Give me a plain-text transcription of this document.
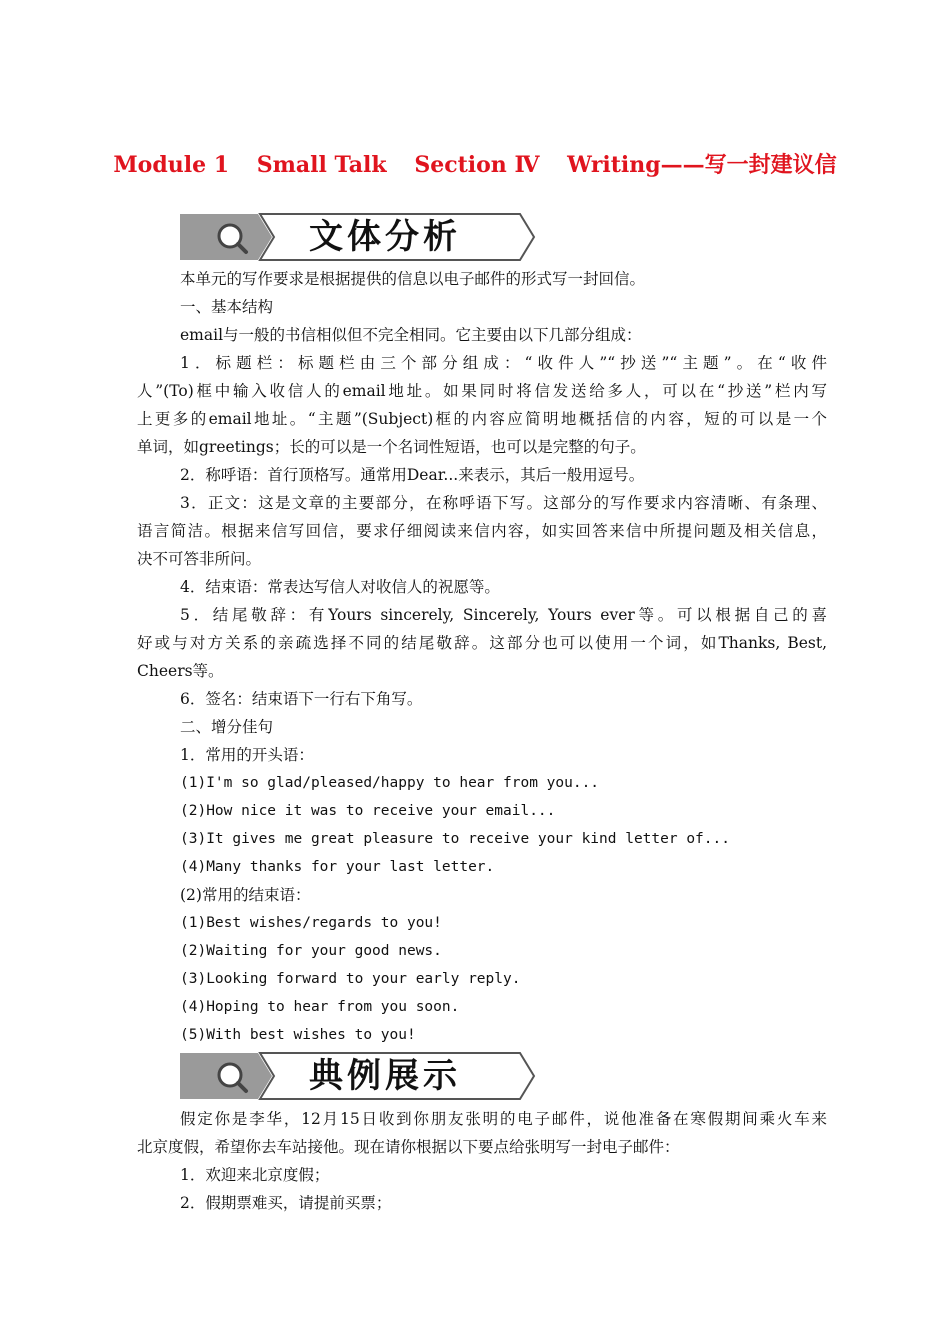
Module 1 Small Talk Section Ⅳ Writing——写一封建议信
文体分析
本单元的写作要求是根据提供的信息以电子邮件的形式写一封回信。
一、基本结构
email与一般的书信相似但不完全相同。它主要由以下几部分组成：
1．标题栏：标题栏由三个部分组成：“收件人”“抄送”“主题”。在“收件
人”(To)框中输入收信人的email地址。如果同时将信发送给多人，可以在“抄送”栏内写
上更多的email地址。“主题”(Subject)框的内容应简明地概括信的内容，短的可以是一个
单词，如greetings；长的可以是一个名词性短语，也可以是完整的句子。
2．称呼语：首行顶格写。通常用Dear...来表示，其后一般用逗号。
3．正文：这是文章的主要部分，在称呼语下写。这部分的写作要求内容清晰、有条理、
语言简洁。根据来信写回信，要求仔细阅读来信内容，如实回答来信中所提问题及相关信息，
决不可答非所问。
4．结束语：常表达写信人对收信人的祝愿等。
5．结尾敬辞：有Yours sincerely, Sincerely, Yours ever等。可以根据自己的喜
好或与对方关系的亲疏选择不同的结尾敬辞。这部分也可以使用一个词，如Thanks, Best,
Cheers等。
6．签名：结束语下一行右下角写。
二、增分佳句
1．常用的开头语：
(1)I'm so glad/pleased/happy to hear from you...
(2)How nice it was to receive your email...
(3)It gives me great pleasure to receive your kind letter of...
(4)Many thanks for your last letter.
(2)常用的结束语：
(1)Best wishes/regards to you!
(2)Waiting for your good news.
(3)Looking forward to your early reply.
(4)Hoping to hear from you soon.
(5)With best wishes to you!
典例展示
假定你是李华，12月15日收到你朋友张明的电子邮件，说他准备在寒假期间乘火车来
北京度假，希望你去车站接他。现在请你根据以下要点给张明写一封电子邮件：
1．欢迎来北京度假；
2．假期票难买，请提前买票；
